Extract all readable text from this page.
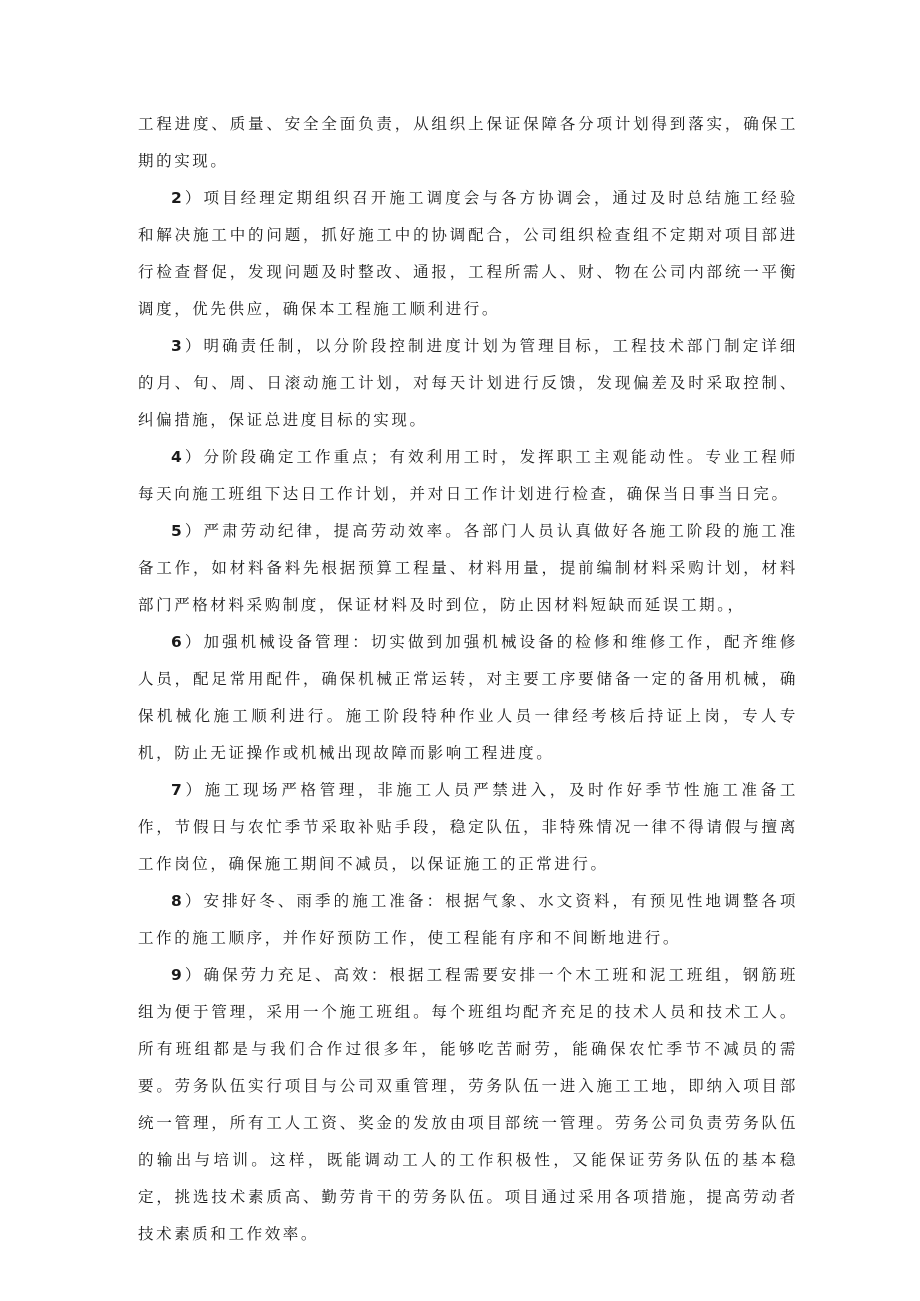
工程进度、质量、安全全面负责，从组织上保证保障各分项计划得到落实，确保工期的实现。

2）项目经理定期组织召开施工调度会与各方协调会，通过及时总结施工经验和解决施工中的问题，抓好施工中的协调配合，公司组织检查组不定期对项目部进行检查督促，发现问题及时整改、通报，工程所需人、财、物在公司内部统一平衡调度，优先供应，确保本工程施工顺利进行。

3）明确责任制，以分阶段控制进度计划为管理目标，工程技术部门制定详细的月、旬、周、日滚动施工计划，对每天计划进行反馈，发现偏差及时采取控制、纠偏措施，保证总进度目标的实现。

4）分阶段确定工作重点；有效利用工时，发挥职工主观能动性。专业工程师每天向施工班组下达日工作计划，并对日工作计划进行检查，确保当日事当日完。

5）严肃劳动纪律，提高劳动效率。各部门人员认真做好各施工阶段的施工准备工作，如材料备料先根据预算工程量、材料用量，提前编制材料采购计划，材料部门严格材料采购制度，保证材料及时到位，防止因材料短缺而延误工期。，

6）加强机械设备管理：切实做到加强机械设备的检修和维修工作，配齐维修人员，配足常用配件，确保机械正常运转，对主要工序要储备一定的备用机械，确保机械化施工顺利进行。施工阶段特种作业人员一律经考核后持证上岗，专人专机，防止无证操作或机械出现故障而影响工程进度。

7）施工现场严格管理，非施工人员严禁进入，及时作好季节性施工准备工作，节假日与农忙季节采取补贴手段，稳定队伍，非特殊情况一律不得请假与擅离工作岗位，确保施工期间不减员，以保证施工的正常进行。

8）安排好冬、雨季的施工准备：根据气象、水文资料，有预见性地调整各项工作的施工顺序，并作好预防工作，使工程能有序和不间断地进行。

9）确保劳力充足、高效：根据工程需要安排一个木工班和泥工班组，钢筋班组为便于管理，采用一个施工班组。每个班组均配齐充足的技术人员和技术工人。所有班组都是与我们合作过很多年，能够吃苦耐劳，能确保农忙季节不减员的需要。劳务队伍实行项目与公司双重管理，劳务队伍一进入施工工地，即纳入项目部统一管理，所有工人工资、奖金的发放由项目部统一管理。劳务公司负责劳务队伍的输出与培训。这样，既能调动工人的工作积极性，又能保证劳务队伍的基本稳定，挑选技术素质高、勤劳肯干的劳务队伍。项目通过采用各项措施，提高劳动者技术素质和工作效率。
